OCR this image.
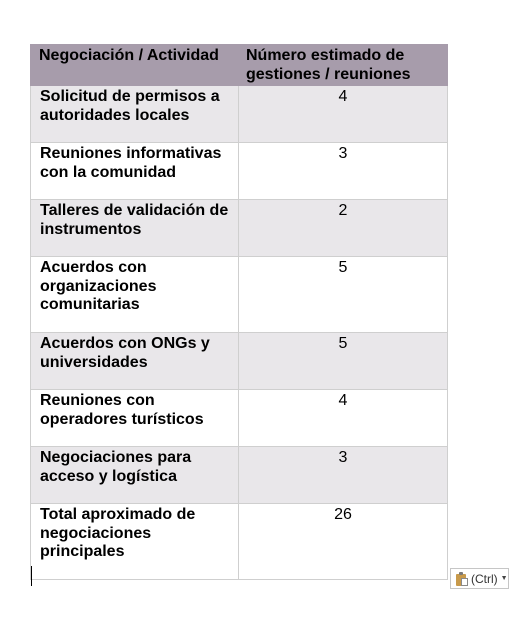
Negociación / Actividad	Número estimado de gestiones / reuniones
Solicitud de permisos a autoridades locales	4
Reuniones informativas con la comunidad	3
Talleres de validación de instrumentos	2
Acuerdos con organizaciones comunitarias	5
Acuerdos con ONGs y universidades	5
Reuniones con operadores turísticos	4
Negociaciones para acceso y logística	3
Total aproximado de negociaciones principales	26
(Ctrl) ▼
